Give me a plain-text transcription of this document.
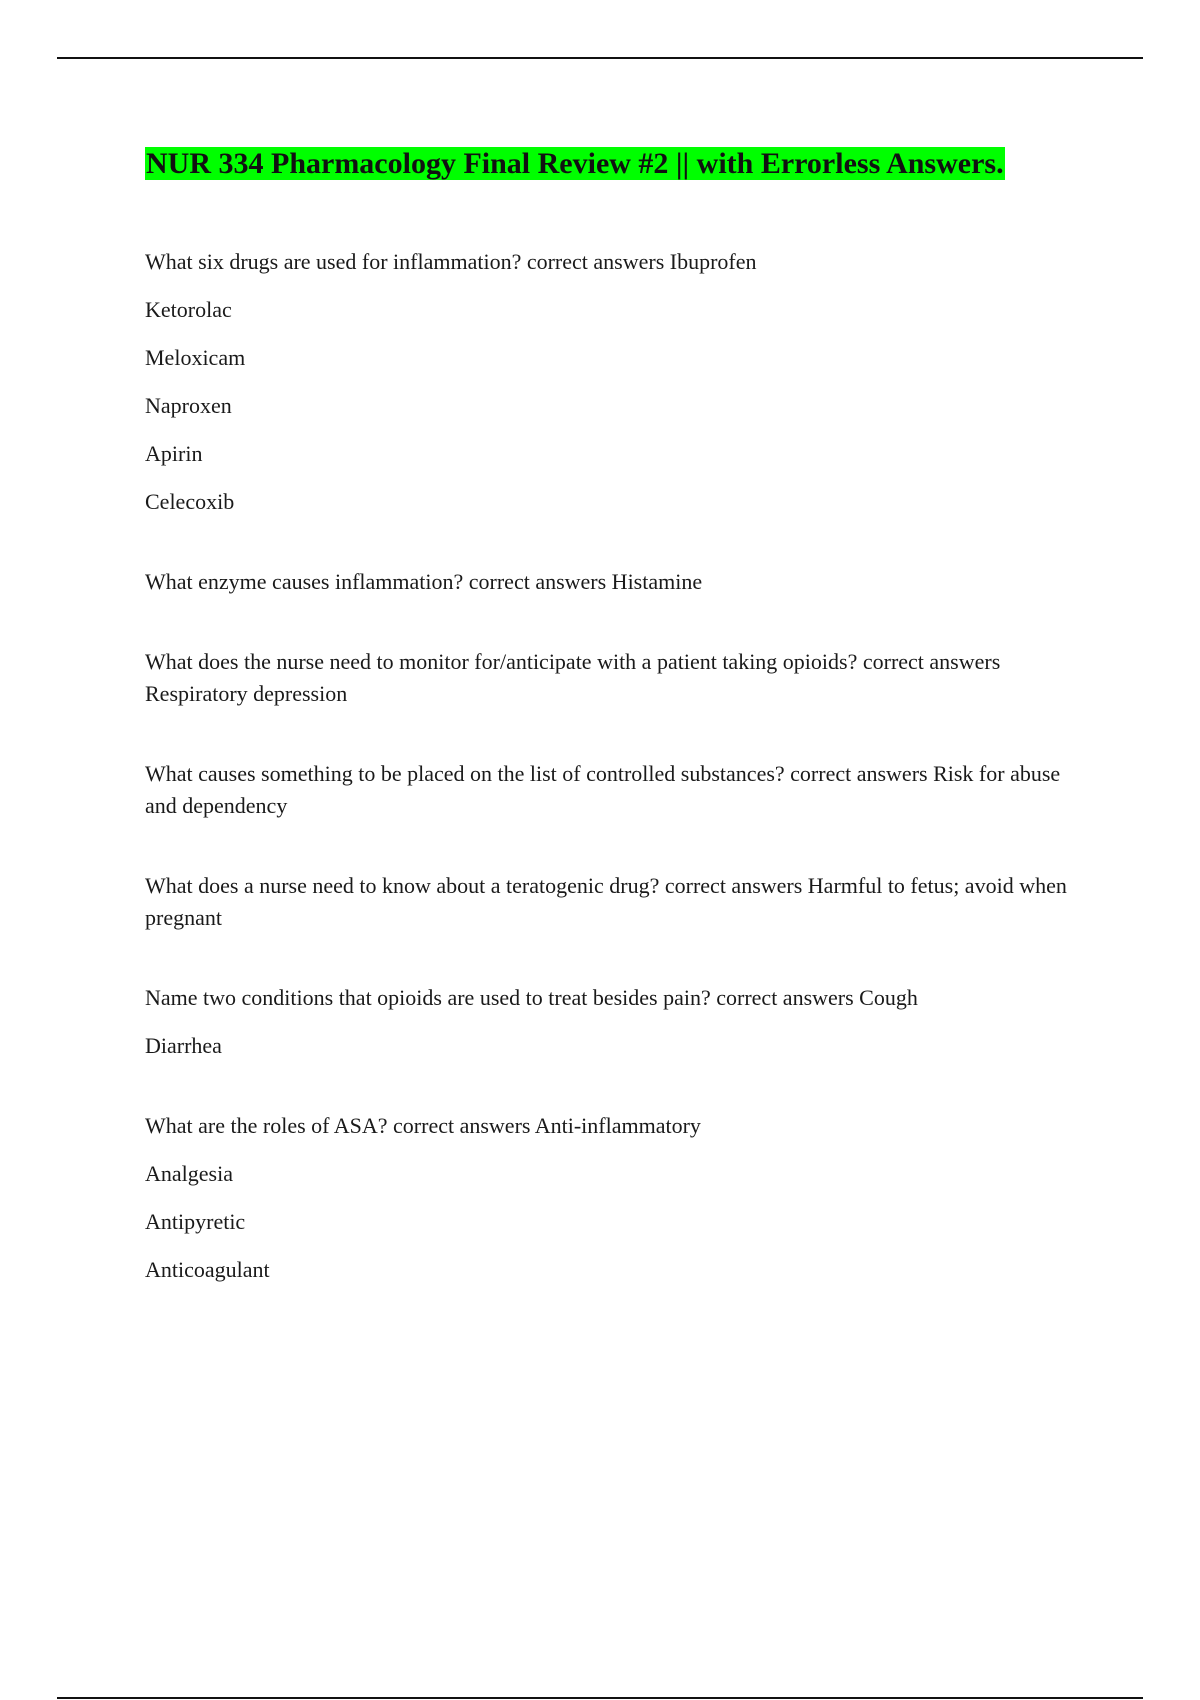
NUR 334 Pharmacology Final Review #2 || with Errorless Answers.

What six drugs are used for inflammation? correct answers Ibuprofen

Ketorolac

Meloxicam

Naproxen

Apirin

Celecoxib

What enzyme causes inflammation? correct answers Histamine

What does the nurse need to monitor for/anticipate with a patient taking opioids? correct answers Respiratory depression

What causes something to be placed on the list of controlled substances? correct answers Risk for abuse and dependency

What does a nurse need to know about a teratogenic drug? correct answers Harmful to fetus; avoid when pregnant

Name two conditions that opioids are used to treat besides pain? correct answers Cough

Diarrhea

What are the roles of ASA? correct answers Anti-inflammatory

Analgesia

Antipyretic

Anticoagulant
